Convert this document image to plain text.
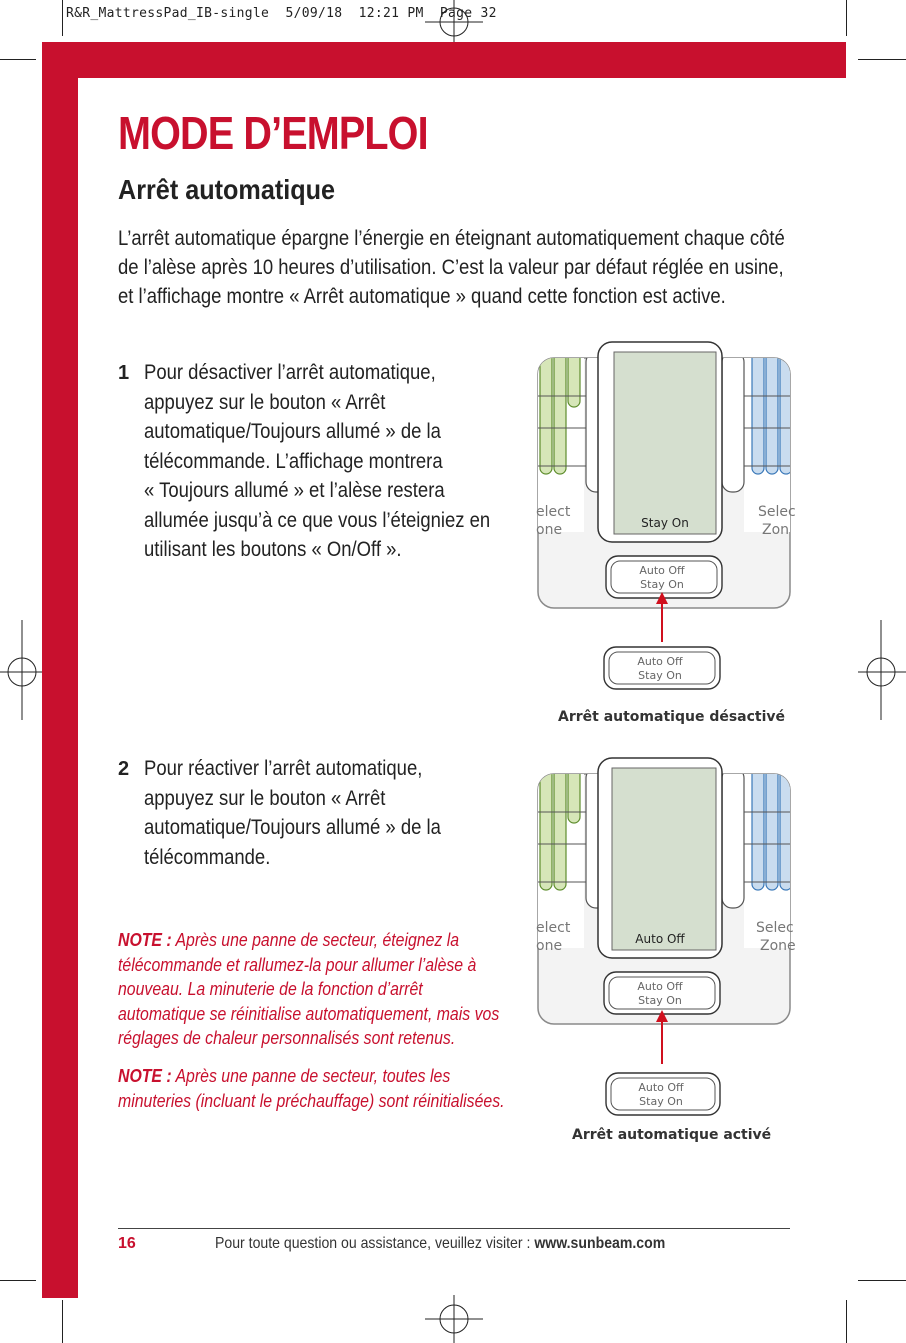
R&R_MattressPad_IB-single 5/09/18 12:21 PM Page 32
MODE D’EMPLOI
Arrêt automatique
L’arrêt automatique épargne l’énergie en éteignant automatiquement chaque côté de l’alèse après 10 heures d’utilisation. C’est la valeur par défaut réglée en usine, et l’affichage montre « Arrêt automatique » quand cette fonction est active.
1 Pour désactiver l’arrêt automatique,
appuyez sur le bouton « Arrêt
automatique/Toujours allumé » de la
télécommande. L’affichage montrera
« Toujours allumé » et l’alèse restera
allumée jusqu’à ce que vous l’éteigniez en
utilisant les boutons « On/Off ».
2 Pour réactiver l’arrêt automatique,
appuyez sur le bouton « Arrêt
automatique/Toujours allumé » de la
télécommande.
NOTE : Après une panne de secteur, éteignez la
télécommande et rallumez-la pour allumer l’alèse à
nouveau. La minuterie de la fonction d’arrêt
automatique se réinitialise automatiquement, mais vos
réglages de chaleur personnalisés sont retenus.
NOTE : Après une panne de secteur, toutes les
minuteries (incluant le préchauffage) sont réinitialisées.
Stay On
elect
one
Selec
Zon
Auto Off
Stay On
Auto Off
Stay On
Arrêt automatique désactivé
Auto Off
elect
one
Selec
Zone
Auto Off
Stay On
Auto Off
Stay On
Arrêt automatique activé
16	Pour toute question ou assistance, veuillez visiter : www.sunbeam.com
